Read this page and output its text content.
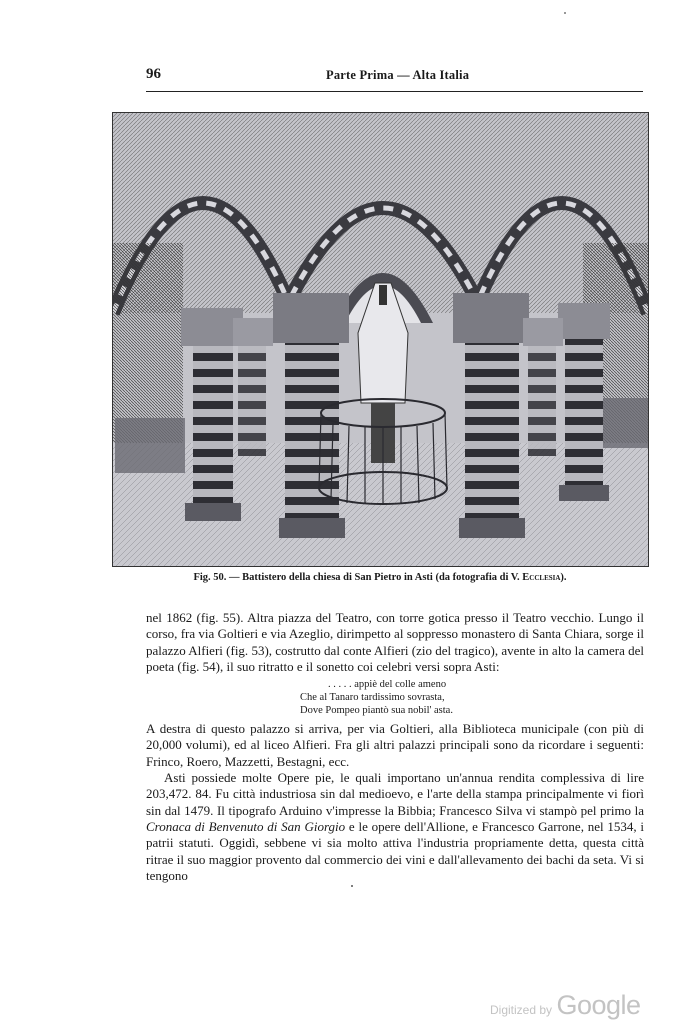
96	Parte Prima — Alta Italia
Fig. 50. — Battistero della chiesa di San Pietro in Asti (da fotografia di V. Ecclesia).

nel 1862 (fig. 55). Altra piazza del Teatro, con torre gotica presso il Teatro vecchio. Lungo il corso, fra via Goltieri e via Azeglio, dirimpetto al soppresso monastero di Santa Chiara, sorge il palazzo Alfieri (fig. 53), costrutto dal conte Alfieri (zio del tragico), avente in alto la camera del poeta (fig. 54), il suo ritratto e il sonetto coi celebri versi sopra Asti:

. . . . . appiè del colle ameno
Che al Tanaro tardissimo sovrasta,
Dove Pompeo piantò sua nobil' asta.

A destra di questo palazzo si arriva, per via Goltieri, alla Biblioteca municipale (con più di 20,000 volumi), ed al liceo Alfieri. Fra gli altri palazzi principali sono da ricordare i seguenti: Frinco, Roero, Mazzetti, Bestagni, ecc.

Asti possiede molte Opere pie, le quali importano un'annua rendita complessiva di lire 203,472. 84. Fu città industriosa sin dal medioevo, e l'arte della stampa principalmente vi fiorì sin dal 1479. Il tipografo Arduino v'impresse la Bibbia; Francesco Silva vi stampò pel primo la Cronaca di Benvenuto di San Giorgio e le opere dell'Allione, e Francesco Garrone, nel 1534, i patrii statuti. Oggidì, sebbene vi sia molto attiva l'industria propriamente detta, questa città ritrae il suo maggior provento dal commercio dei vini e dall'allevamento dei bachi da seta. Vi si tengono

Digitized by Google
